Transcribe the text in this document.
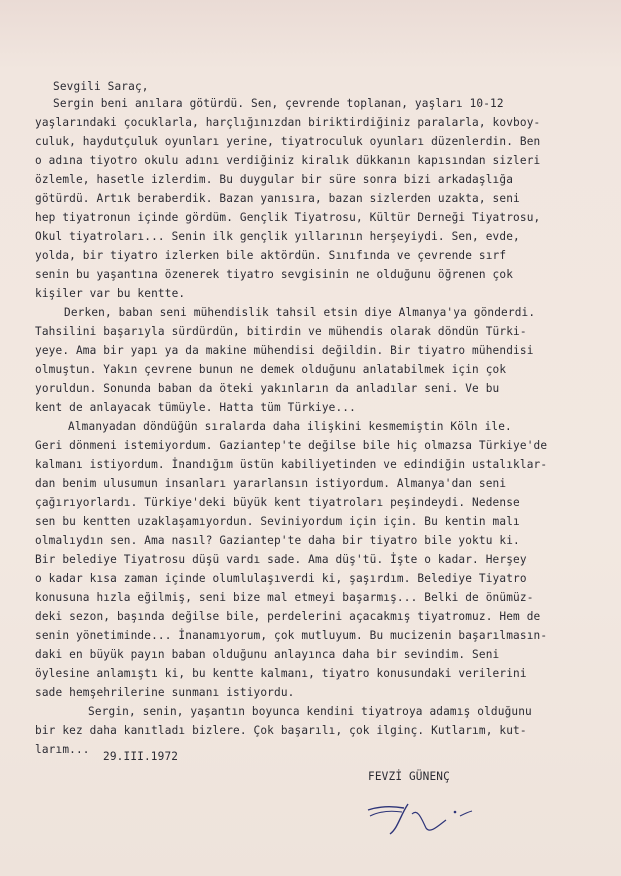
Sevgili Saraç,
Sergin beni anılara götürdü. Sen, çevrende toplanan, yaşları 10-12
yaşlarındaki çocuklarla, harçlığınızdan biriktirdiğiniz paralarla, kovboy-
culuk, haydutçuluk oyunları yerine, tiyatroculuk oyunları düzenlerdin. Ben
o adına tiyotro okulu adını verdiğiniz kiralık dükkanın kapısından sizleri
özlemle, hasetle izlerdim. Bu duygular bir süre sonra bizi arkadaşlığa
götürdü. Artık beraberdik. Bazan yanısıra, bazan sizlerden uzakta, seni
hep tiyatronun içinde gördüm. Gençlik Tiyatrosu, Kültür Derneği Tiyatrosu,
Okul tiyatroları... Senin ilk gençlik yıllarının herşeyiydi. Sen, evde,
yolda, bir tiyatro izlerken bile aktördün. Sınıfında ve çevrende sırf
senin bu yaşantına özenerek tiyatro sevgisinin ne olduğunu öğrenen çok
kişiler var bu kentte.
Derken, baban seni mühendislik tahsil etsin diye Almanya'ya gönderdi.
Tahsilini başarıyla sürdürdün, bitirdin ve mühendis olarak döndün Türki-
yeye. Ama bir yapı ya da makine mühendisi değildin. Bir tiyatro mühendisi
olmuştun. Yakın çevrene bunun ne demek olduğunu anlatabilmek için çok
yoruldun. Sonunda baban da öteki yakınların da anladılar seni. Ve bu
kent de anlayacak tümüyle. Hatta tüm Türkiye...
Almanyadan döndüğün sıralarda daha ilişkini kesmemiştin Köln ile.
Geri dönmeni istemiyordum. Gaziantep'te değilse bile hiç olmazsa Türkiye'de
kalmanı istiyordum. İnandığım üstün kabiliyetinden ve edindiğin ustalıklar-
dan benim ulusumun insanları yararlansın istiyordum. Almanya'dan seni
çağırıyorlardı. Türkiye'deki büyük kent tiyatroları peşindeydi. Nedense
sen bu kentten uzaklaşamıyordun. Seviniyordum için için. Bu kentin malı
olmalıydın sen. Ama nasıl? Gaziantep'te daha bir tiyatro bile yoktu ki.
Bir belediye Tiyatrosu düşü vardı sade. Ama düş'tü. İşte o kadar. Herşey
o kadar kısa zaman içinde olumlulaşıverdi ki, şaşırdım. Belediye Tiyatro
konusuna hızla eğilmiş, seni bize mal etmeyi başarmış... Belki de önümüz-
deki sezon, başında değilse bile, perdelerini açacakmış tiyatromuz. Hem de
senin yönetiminde... İnanamıyorum, çok mutluyum. Bu mucizenin başarılmasın-
daki en büyük payın baban olduğunu anlayınca daha bir sevindim. Seni
öylesine anlamıştı ki, bu kentte kalmanı, tiyatro konusundaki verilerini
sade hemşehrilerine sunmanı istiyordu.
Sergin, senin, yaşantın boyunca kendini tiyatroya adamış olduğunu
bir kez daha kanıtladı bizlere. Çok başarılı, çok ilginç. Kutlarım, kut-
larım...
29.III.1972
FEVZİ GÜNENÇ
